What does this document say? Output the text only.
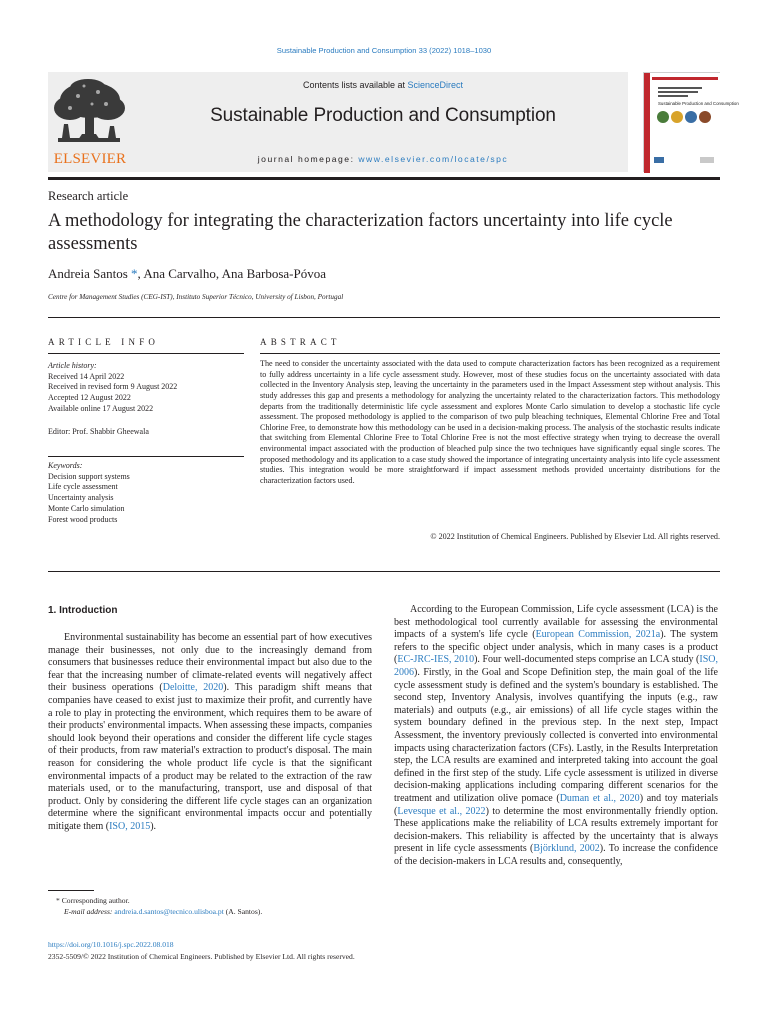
Sustainable Production and Consumption 33 (2022) 1018–1030
ELSEVIER
Contents lists available at ScienceDirect
Sustainable Production and Consumption
journal homepage: www.elsevier.com/locate/spc
Sustainable Production and Consumption
Research article
A methodology for integrating the characterization factors uncertainty into life cycle assessments
Andreia Santos *, Ana Carvalho, Ana Barbosa-Póvoa
Centre for Management Studies (CEG-IST), Instituto Superior Técnico, University of Lisbon, Portugal
ARTICLE INFO	ABSTRACT
Article history:
Received 14 April 2022
Received in revised form 9 August 2022
Accepted 12 August 2022
Available online 17 August 2022
Editor: Prof. Shabbir Gheewala
Keywords:
Decision support systems
Life cycle assessment
Uncertainty analysis
Monte Carlo simulation
Forest wood products

The need to consider the uncertainty associated with the data used to compute characterization factors has been recognized as a requirement to fully address uncertainty in a life cycle assessment study. However, most of these studies focus on the uncertainty associated with data collected in the Inventory Analysis step, leaving the uncertainty in the parameters used in the Impact Assessment step without analysis. This study addresses this gap and presents a methodology for analyzing the uncertainty related to the characterization factors. This methodology departs from the traditionally deterministic life cycle assessment and explores Monte Carlo simulation to develop a stochastic life cycle assessment. The proposed methodology is applied to the comparison of two pulp bleaching techniques, Elemental Chlorine Free and Total Chlorine Free, to demonstrate how this methodology can be used in a decision-making process. The analysis of the stochastic results indicate that switching from Elemental Chlorine Free to Total Chlorine Free is not the most effective strategy when trying to decrease the overall environmental impact associated with the production of bleached pulp since the two techniques have significantly equal single scores. The proposed methodology and its application to a case study showed the importance of integrating uncertainty analysis into life cycle assessment studies. This integration would be more straightforward if impact assessment methods provided uncertainty distributions for the characterization factors used.

© 2022 Institution of Chemical Engineers. Published by Elsevier Ltd. All rights reserved.
1. Introduction

Environmental sustainability has become an essential part of how executives manage their businesses, not only due to the increasingly demand from consumers that businesses reduce their environmental impact but also due to the fear that the increasing number of climate-related events will negatively affect their business operations (Deloitte, 2020). This paradigm shift means that companies have ceased to exist just to maximize their profit, and currently have a role to play in protecting the environment, which requires them to be aware of their products' environmental impacts. When assessing these impacts, companies should look beyond their operations and consider the different life cycle stages of their products, from raw material's extraction to product's disposal. The main reason for considering the whole product life cycle is that the significant environmental impacts of a product may be related to the extraction of the raw materials used, or to the manufacturing, transport, use and disposal of that product. Only by considering the different life cycle stages can an organization determine where the significant environmental impacts occur and potentially mitigate them (ISO, 2015).

According to the European Commission, Life cycle assessment (LCA) is the best methodological tool currently available for assessing the environmental impacts of a system's life cycle (European Commission, 2021a). The system refers to the specific object under analysis, which in many cases is a product (EC-JRC-IES, 2010). Four well-documented steps comprise an LCA study (ISO, 2006). Firstly, in the Goal and Scope Definition step, the main goal of the life cycle assessment study is defined and the system's boundary is established. The second step, Inventory Analysis, involves quantifying the inputs (e.g., raw materials) and outputs (e.g., air emissions) of all life cycle stages within the system boundary defined in the previous step. In the next step, Impact Assessment, the inventory previously collected is converted into environmental impacts using characterization factors (CFs). Lastly, in the Results Interpretation step, the LCA results are examined and interpreted taking into account the goal defined in the first step of the study. Life cycle assessment is utilized in diverse decision-making applications including comparing different scenarios for the treatment and utilization olive pomace (Duman et al., 2020) and toy materials (Levesque et al., 2022) to determine the most environmentally friendly option. These applications make the reliability of LCA results extremely important for decision-makers. This reliability is affected by the uncertainty that is always present in life cycle assessments (Björklund, 2002). To increase the confidence of the decision-makers in LCA results and, consequently,

* Corresponding author.
E-mail address: andreia.d.santos@tecnico.ulisboa.pt (A. Santos).
https://doi.org/10.1016/j.spc.2022.08.018
2352-5509/© 2022 Institution of Chemical Engineers. Published by Elsevier Ltd. All rights reserved.
